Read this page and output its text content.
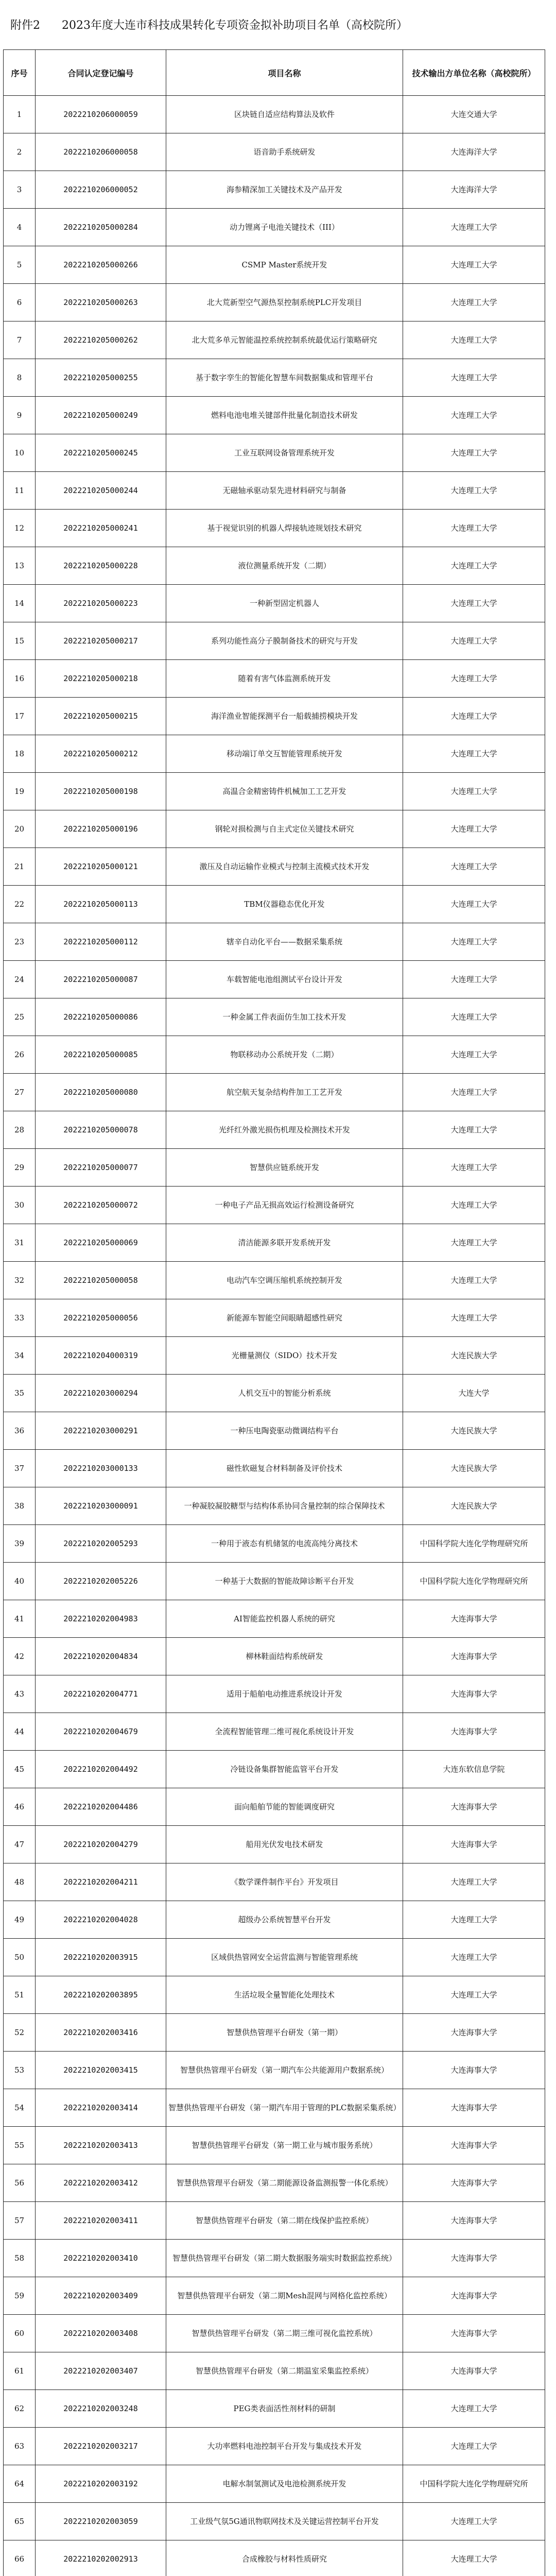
附件2 2023年度大连市科技成果转化专项资金拟补助项目名单（高校院所）
序号	合同认定登记编号	项目名称	技术输出方单位名称（高校院所）
1	2022210206000059	区块链自适应结构算法及软件	大连交通大学
2	2022210206000058	语音助手系统研发	大连海洋大学
3	2022210206000052	海参精深加工关键技术及产品开发	大连海洋大学
4	2022210205000284	动力锂离子电池关键技术（III）	大连理工大学
5	2022210205000266	CSMP Master系统开发	大连理工大学
6	2022210205000263	北大荒新型空气源热泵控制系统PLC开发项目	大连理工大学
7	2022210205000262	北大荒多单元智能温控系统控制系统最优运行策略研究	大连理工大学
8	2022210205000255	基于数字孪生的智能化智慧车间数据集成和管理平台	大连理工大学
9	2022210205000249	燃料电池电堆关键部件批量化制造技术研发	大连理工大学
10	2022210205000245	工业互联网设备管理系统开发	大连理工大学
11	2022210205000244	无磁轴承驱动泵先进材料研究与制备	大连理工大学
12	2022210205000241	基于视觉识别的机器人焊接轨迹规划技术研究	大连理工大学
13	2022210205000228	液位测量系统开发（二期）	大连理工大学
14	2022210205000223	一种新型固定机器人	大连理工大学
15	2022210205000217	系列功能性高分子膜制备技术的研究与开发	大连理工大学
16	2022210205000218	随着有害气体监测系统开发	大连理工大学
17	2022210205000215	海洋渔业智能探测平台一船载捕捞模块开发	大连理工大学
18	2022210205000212	移动端订单交互智能管理系统开发	大连理工大学
19	2022210205000198	高温合金精密铸件机械加工工艺开发	大连理工大学
20	2022210205000196	钢轮对损检测与自主式定位关键技术研究	大连理工大学
21	2022210205000121	激压及自动运输作业模式与控制主流模式技术开发	大连理工大学
22	2022210205000113	TBM仪器稳态优化开发	大连理工大学
23	2022210205000112	辖辛自动化平台——数据采集系统	大连理工大学
24	2022210205000087	车载智能电池组测试平台设计开发	大连理工大学
25	2022210205000086	一种金属工件表面仿生加工技术开发	大连理工大学
26	2022210205000085	物联移动办公系统开发（二期）	大连理工大学
27	2022210205000080	航空航天复杂结构件加工工艺开发	大连理工大学
28	2022210205000078	光纤红外激光损伤机理及检测技术开发	大连理工大学
29	2022210205000077	智慧供应链系统开发	大连理工大学
30	2022210205000072	一种电子产品无损高效运行检测设备研究	大连理工大学
31	2022210205000069	清洁能源多联开发系统开发	大连理工大学
32	2022210205000058	电动汽车空调压缩机系统控制开发	大连理工大学
33	2022210205000056	新能源车智能空间眼睛超感性研究	大连理工大学
34	2022210204000319	光栅量测仪（SIDO）技术开发	大连民族大学
35	2022210203000294	人机交互中的智能分析系统	大连大学
36	2022210203000291	一种压电陶瓷驱动微调结构平台	大连民族大学
37	2022210203000133	磁性软磁复合材料制备及评价技术	大连民族大学
38	2022210203000091	一种凝胶凝胶糖型与结构体系协同含量控制的综合保障技术	大连民族大学
39	2022210202005293	一种用于液态有机储氢的电流高纯分离技术	中国科学院大连化学物理研究所
40	2022210202005226	一种基于大数据的智能故障诊断平台开发	中国科学院大连化学物理研究所
41	2022210202004983	AI智能监控机器人系统的研究	大连海事大学
42	2022210202004834	柳林鞋面结构系统研发	大连海事大学
43	2022210202004771	适用于船舶电动推进系统设计开发	大连海事大学
44	2022210202004679	全流程智能管理二维可视化系统设计开发	大连海事大学
45	2022210202004492	冷链设备集群智能监管平台开发	大连东软信息学院
46	2022210202004486	面向船舶节能的智能调度研究	大连海事大学
47	2022210202004279	船用光伏发电技术研发	大连海事大学
48	2022210202004211	《数学课件制作平台》开发项目	大连理工大学
49	2022210202004028	超级办公系统智慧平台开发	大连理工大学
50	2022210202003915	区域供热管网安全运营监测与智能管理系统	大连理工大学
51	2022210202003895	生活垃圾全量智能化处理技术	大连理工大学
52	2022210202003416	智慧供热管理平台研发（第一期）	大连海事大学
53	2022210202003415	智慧供热管理平台研发（第一期汽车公共能源用户数据系统）	大连海事大学
54	2022210202003414	智慧供热管理平台研发（第一期汽车用于管理的PLC数据采集系统）	大连海事大学
55	2022210202003413	智慧供热管理平台研发（第一期工业与城市服务系统）	大连海事大学
56	2022210202003412	智慧供热管理平台研发（第二期能源设备监测报警一体化系统）	大连海事大学
57	2022210202003411	智慧供热管理平台研发（第二期在线保护监控系统）	大连海事大学
58	2022210202003410	智慧供热管理平台研发（第二期大数据服务端实时数据监控系统）	大连海事大学
59	2022210202003409	智慧供热管理平台研发（第二期Mesh混网与网格化监控系统）	大连海事大学
60	2022210202003408	智慧供热管理平台研发（第二期三维可视化监控系统）	大连海事大学
61	2022210202003407	智慧供热管理平台研发（第二期温室采集监控系统）	大连海事大学
62	2022210202003248	PEG类表面活性剂材料的研制	大连理工大学
63	2022210202003217	大功率燃料电池控制平台开发与集成技术开发	大连理工大学
64	2022210202003192	电解水制氢测试及电池检测系统开发	中国科学院大连化学物理研究所
65	2022210202003059	工业级气氛5G通讯物联网技术及关键运营控制平台开发	大连理工大学
66	2022210202002913	合成橡胶与材料性质研究	大连理工大学
